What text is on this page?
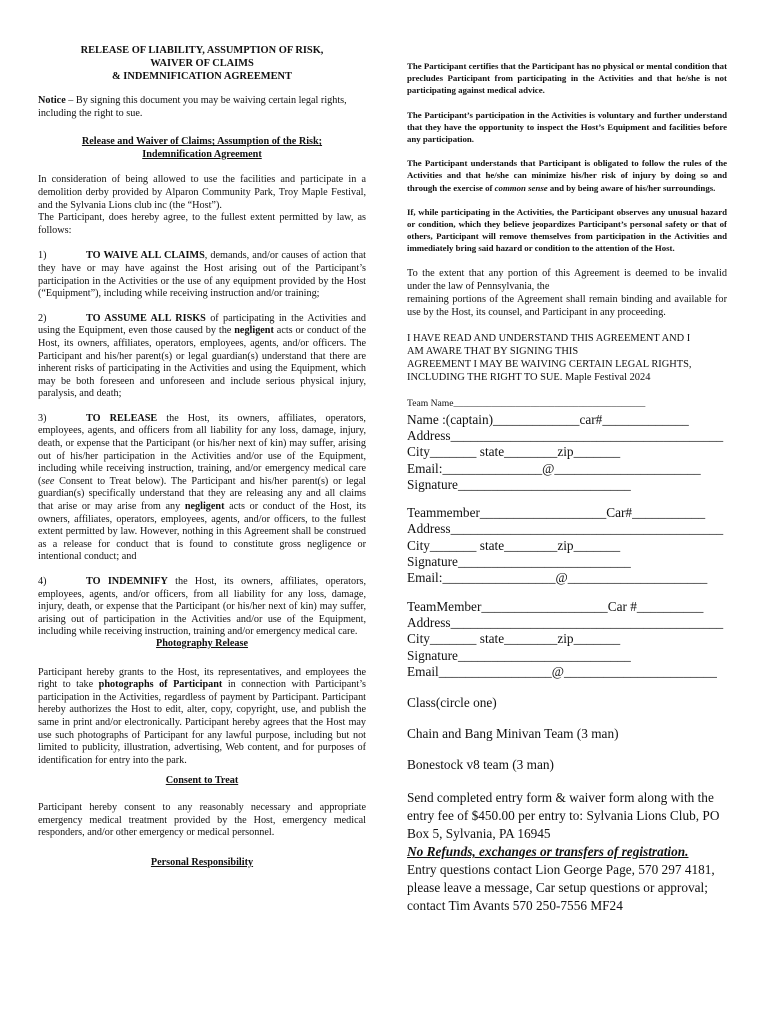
RELEASE OF LIABILITY, ASSUMPTION OF RISK,
WAIVER OF CLAIMS
& INDEMNIFICATION AGREEMENT

Notice – By signing this document you may be waiving certain legal rights, including the right to sue.

Release and Waiver of Claims; Assumption of the Risk;
Indemnification Agreement

In consideration of being allowed to use the facilities and participate in a demolition derby provided by Alparon Community Park, Troy Maple Festival, and the Sylvania Lions club inc (the “Host”).

The Participant, does hereby agree, to the fullest extent permitted by law, as follows:

1)	TO WAIVE ALL CLAIMS, demands, and/or causes of action that they have or may have against the Host arising out of the Participant’s participation in the Activities or the use of any equipment provided by the Host (“Equipment”), including while receiving instruction and/or training;

2)	TO ASSUME ALL RISKS of participating in the Activities and using the Equipment, even those caused by the negligent acts or conduct of the Host, its owners, affiliates, operators, employees, agents, and/or officers. The Participant and his/her parent(s) or legal guardian(s) understand that there are inherent risks of participating in the Activities and using the Equipment, which may be both foreseen and unforeseen and include serious physical injury, paralysis, and death;

3)	TO RELEASE the Host, its owners, affiliates, operators, employees, agents, and officers from all liability for any loss, damage, injury, death, or expense that the Participant (or his/her next of kin) may suffer, arising out of his/her participation in the Activities and/or use of the Equipment, including while receiving instruction, training, and/or emergency medical care (see Consent to Treat below). The Participant and his/her parent(s) or legal guardian(s) specifically understand that they are releasing any and all claims that arise or may arise from any negligent acts or conduct of the Host, its owners, affiliates, operators, employees, agents, and/or officers, to the fullest extent permitted by law. However, nothing in this Agreement shall be construed as a release for conduct that is found to constitute gross negligence or intentional conduct; and

4)	TO INDEMNIFY the Host, its owners, affiliates, operators, employees, agents, and/or officers, from all liability for any loss, damage, injury, death, or expense that the Participant (or his/her next of kin) may suffer, arising out of participation in the Activities and/or use of the Equipment, including while receiving instruction, training and/or emergency medical care.

Photography Release

Participant hereby grants to the Host, its representatives, and employees the right to take photographs of Participant in connection with Participant’s participation in the Activities, regardless of payment by Participant. Participant hereby authorizes the Host to edit, alter, copy, copyright, use, and publish the same in print and/or electronically. Participant hereby agrees that the Host may use such photographs of Participant for any lawful purpose, including but not limited to publicity, illustration, advertising, Web content, and for purposes of identification for entry into the park.

Consent to Treat

Participant hereby consent to any reasonably necessary and appropriate emergency medical treatment provided by the Host, emergency medical responders, and/or other emergency or medical personnel.

Personal Responsibility

The Participant certifies that the Participant has no physical or mental condition that precludes Participant from participating in the Activities and that he/she is not participating against medical advice.

The Participant’s participation in the Activities is voluntary and further understand that they have the opportunity to inspect the Host’s Equipment and facilities before any participation.

The Participant understands that Participant is obligated to follow the rules of the Activities and that he/she can minimize his/her risk of injury by doing so and through the exercise of common sense and by being aware of his/her surroundings.

If, while participating in the Activities, the Participant observes any unusual hazard or condition, which they believe jeopardizes Participant’s personal safety or that of others, Participant will remove themselves from participation in the Activities and immediately bring said hazard or condition to the attention of the Host.

To the extent that any portion of this Agreement is deemed to be invalid under the law of Pennsylvania, the

remaining portions of the Agreement shall remain binding and available for use by the Host, its counsel, and Participant in any proceeding.

I HAVE READ AND UNDERSTAND THIS AGREEMENT AND I
AM AWARE THAT BY SIGNING THIS
AGREEMENT I MAY BE WAIVING CERTAIN LEGAL RIGHTS,
INCLUDING THE RIGHT TO SUE. Maple Festival 2024
Team Name________________________________________
Name :(captain)_____________car#_____________
Address_________________________________________
City_______ state________zip_______
Email:_______________@______________________
Signature__________________________
Teammember___________________Car#___________
Address_________________________________________
City_______ state________zip_______
Signature__________________________
Email:_________________@_____________________
TeamMember___________________Car #__________
Address_________________________________________
City_______ state________zip_______
Signature__________________________
Email_________________@_______________________
Class(circle one)
Chain and Bang Minivan Team (3 man)
Bonestock v8 team (3 man)
Send completed entry form & waiver form along with the entry fee of $450.00 per entry to: Sylvania Lions Club, PO Box 5, Sylvania, PA 16945
No Refunds, exchanges or transfers of registration.
Entry questions contact Lion George Page, 570 297 4181, please leave a message, Car setup questions or approval; contact Tim Avants 570 250-7556 MF24
